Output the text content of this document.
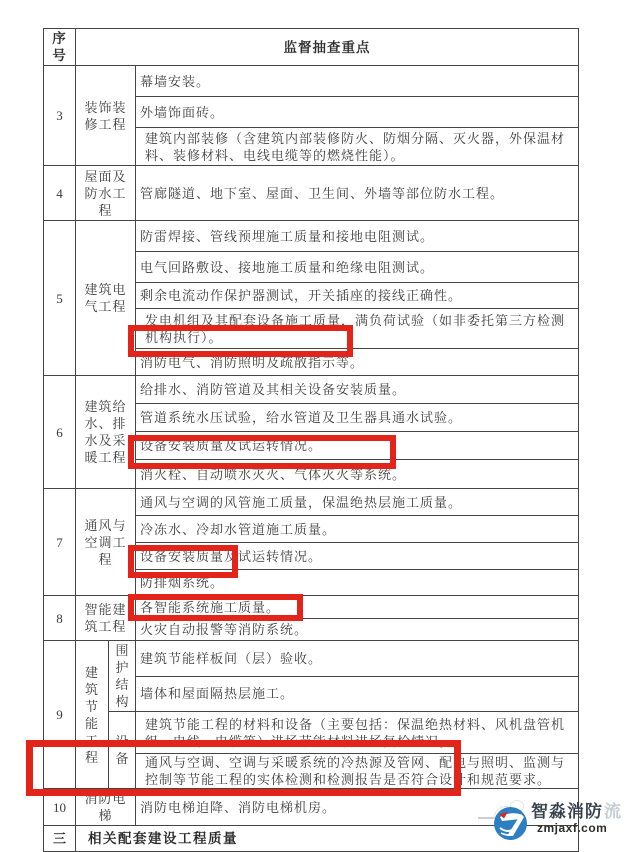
序号	监督抽查重点		
3	装饰装修工程		幕墙安装。
			外墙饰面砖。
			建筑内部装修（含建筑内部装修防火、防烟分隔、灭火器，外保温材料、装修材料、电线电缆等的燃烧性能）。
4	屋面及防水工程		管廊隧道、地下室、屋面、卫生间、外墙等部位防水工程。
5	建筑电气工程		防雷焊接、管线预埋施工质量和接地电阻测试。
			电气回路敷设、接地施工质量和绝缘电阻测试。
			剩余电流动作保护器测试，开关插座的接线正确性。
			发电机组及其配套设备施工质量，满负荷试验（如非委托第三方检测机构执行）。
			消防电气、消防照明及疏散指示等。
6	建筑给水、排水及采暖工程		给排水、消防管道及其相关设备安装质量。
			管道系统水压试验，给水管道及卫生器具通水试验。
			设备安装质量及试运转情况。
			消火栓、自动喷水灭火、气体灭火等系统。
7	通风与空调工程		通风与空调的风管施工质量，保温绝热层施工质量。
			冷冻水、冷却水管道施工质量。
			设备安装质量及试运转情况。
			防排烟系统。
8	智能建筑工程		各智能系统施工质量。
			火灾自动报警等消防系统。
9	建筑节能工程	围护结构	建筑节能样板间（层）验收。
			墙体和屋面隔热层施工。
		设备	建筑节能工程的材料和设备（主要包括：保温绝热材料、风机盘管机组、电线、电缆等）进场节能材料进场复检情况。
			通风与空调、空调与采暖系统的冷热源及管网、配电与照明、监测与控制等节能工程的实体检测和检测报告是否符合设计和规范要求。
10	消防电梯		消防电梯迫降、消防电梯机房。
三	相关配套建设工程质量		
智淼消防流
zmjaxf.com
